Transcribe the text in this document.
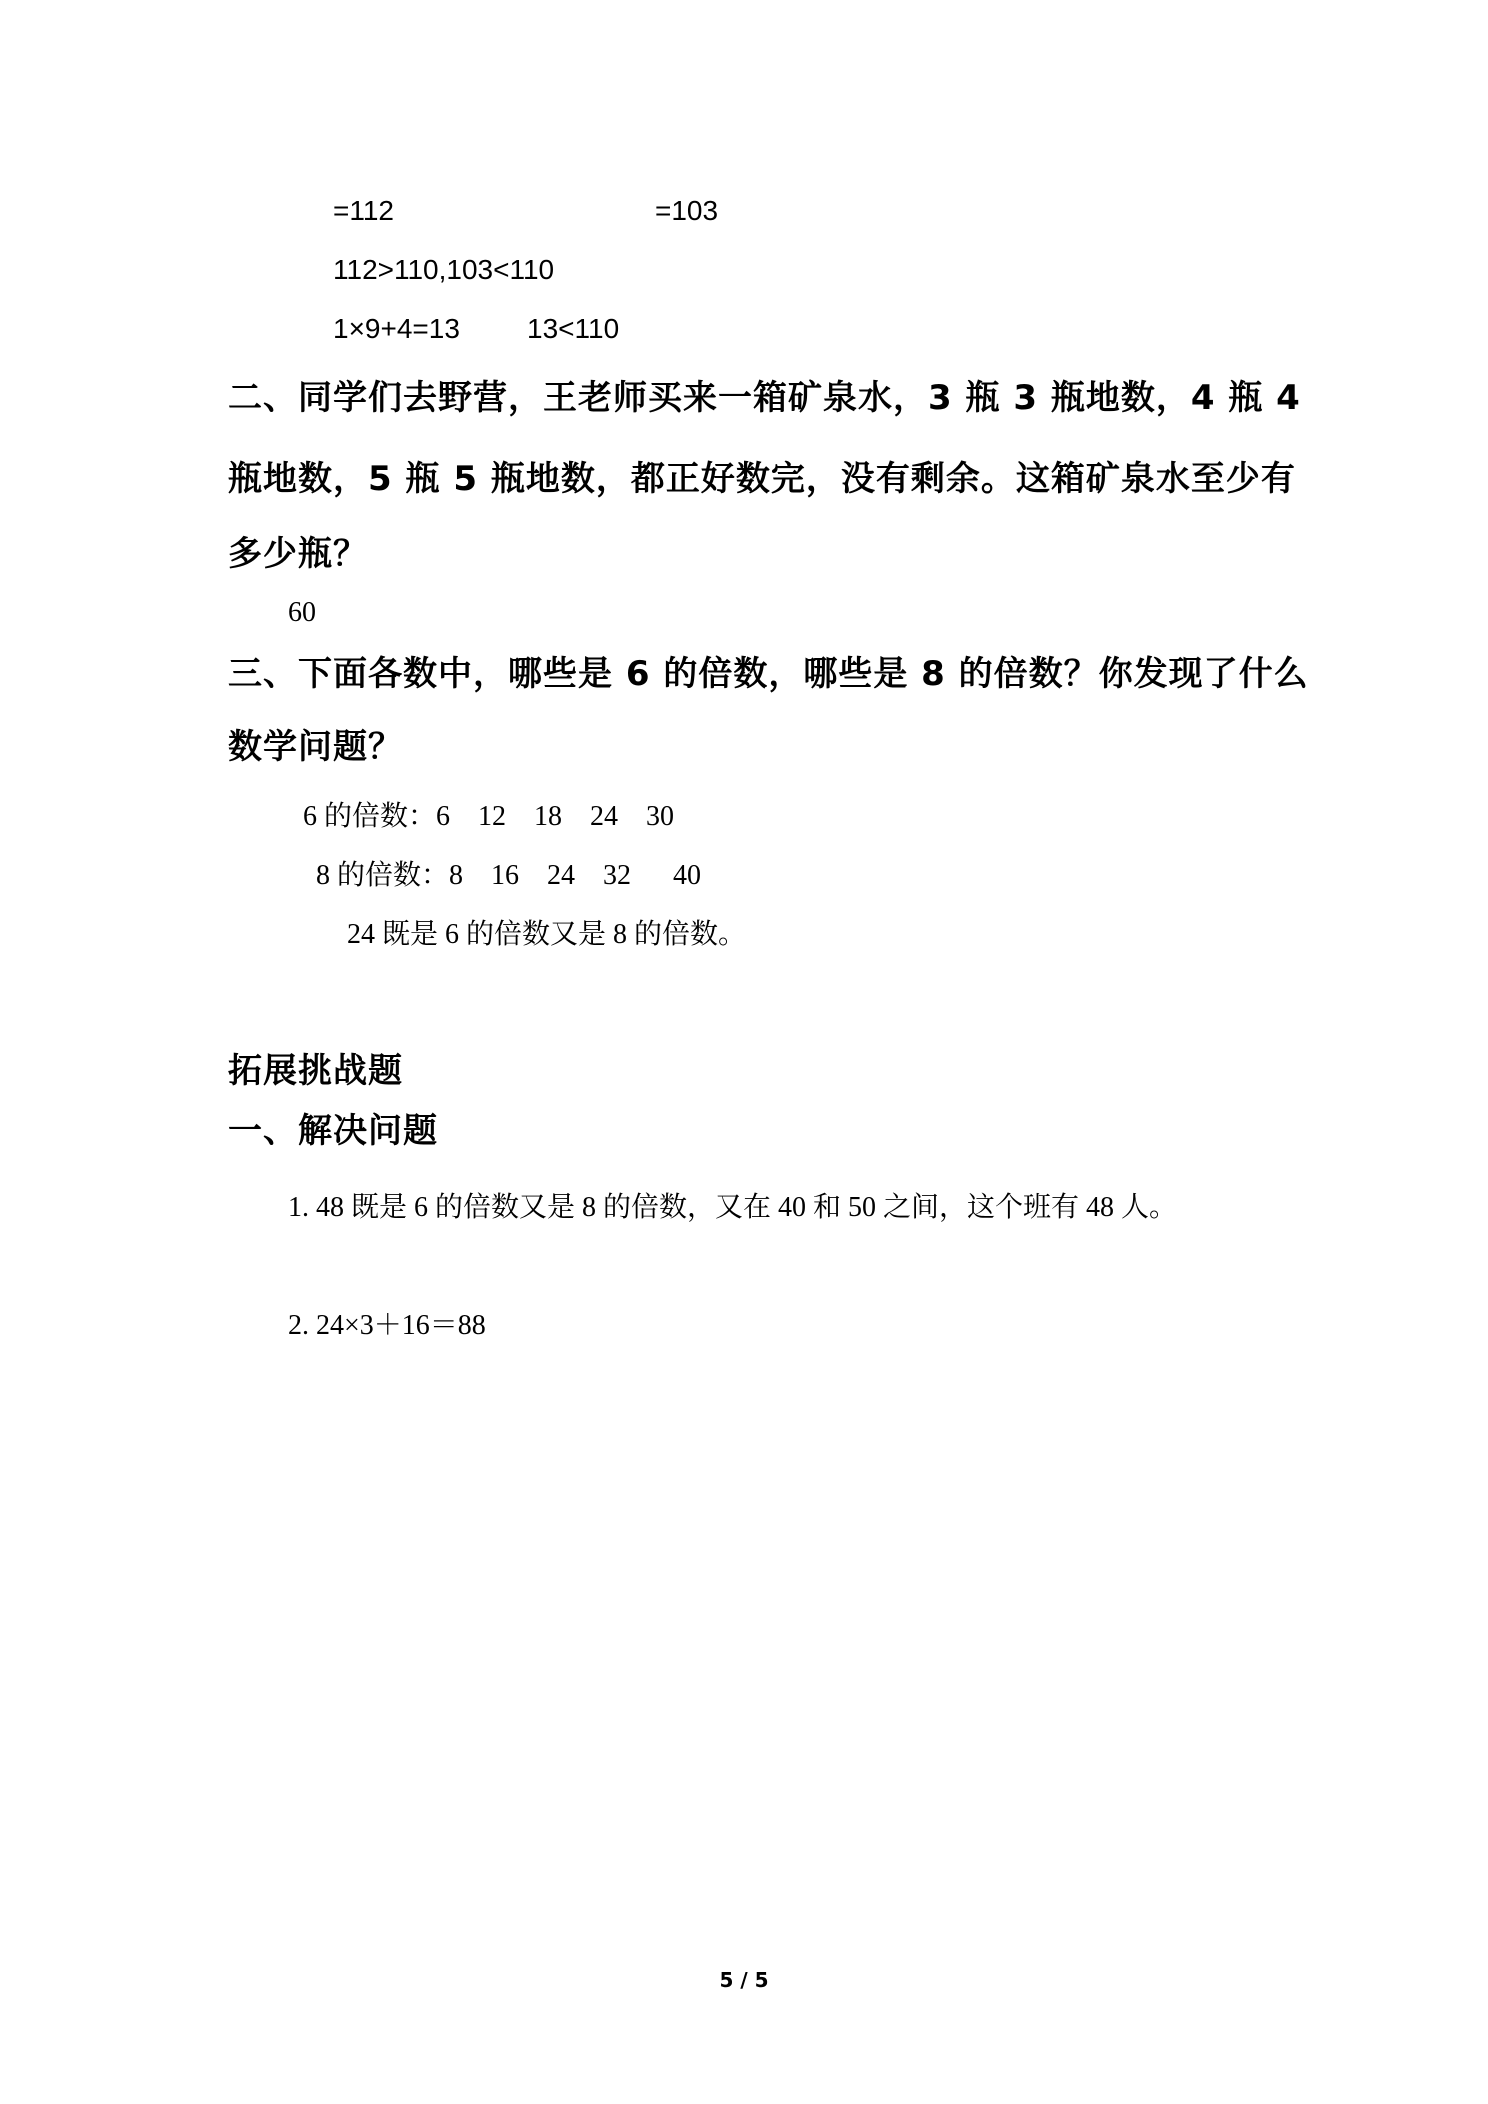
=112	=103
112>110,103<110
1×9+4=13 13<110
二、同学们去野营，王老师买来一箱矿泉水，3 瓶 3 瓶地数，4 瓶 4
瓶地数，5 瓶 5 瓶地数，都正好数完，没有剩余。这箱矿泉水至少有
多少瓶？
60
三、下面各数中，哪些是 6 的倍数，哪些是 8 的倍数？你发现了什么
数学问题？
6 的倍数：6    12    18    24    30
8 的倍数：8    16    24    32      40
24 既是 6 的倍数又是 8 的倍数。
拓展挑战题
一、解决问题
1. 48 既是 6 的倍数又是 8 的倍数，又在 40 和 50 之间，这个班有 48 人。
2. 24×3＋16＝88
5 / 5
